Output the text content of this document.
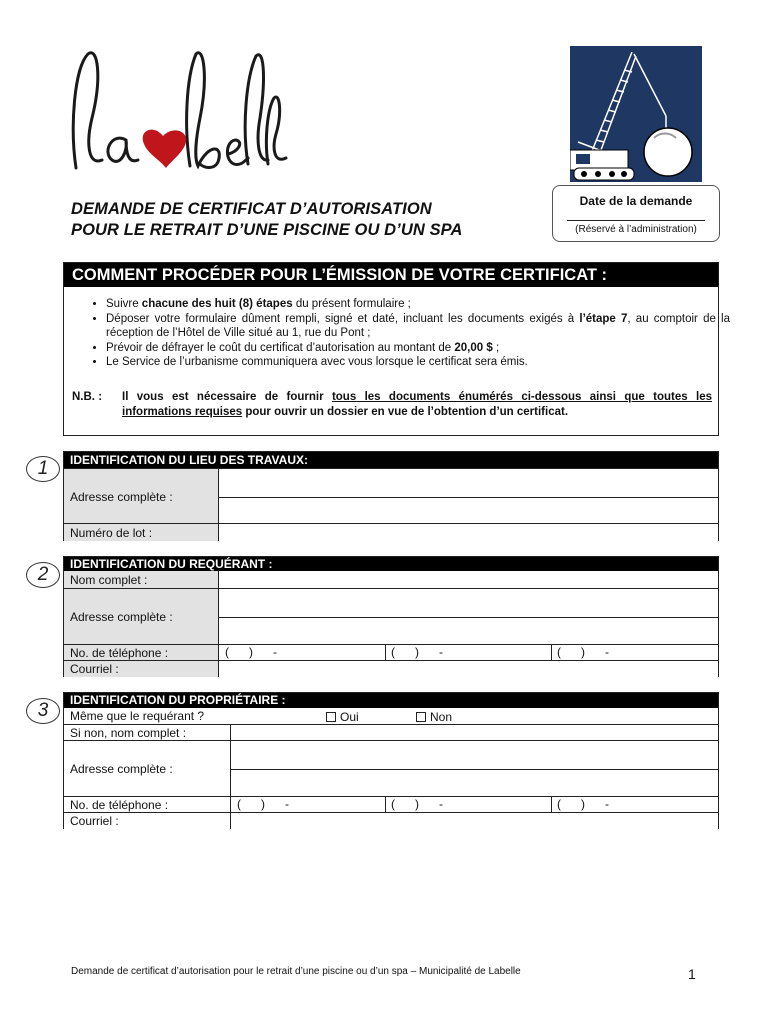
Date de la demande
(Réservé à l’administration)
DEMANDE DE CERTIFICAT D’AUTORISATION
POUR LE RETRAIT D’UNE PISCINE OU D’UN SPA
COMMENT PROCÉDER POUR L’ÉMISSION DE VOTRE CERTIFICAT :
• Suivre chacune des huit (8) étapes du présent formulaire ;
• Déposer votre formulaire dûment rempli, signé et daté, incluant les documents exigés à l’étape 7, au comptoir de la réception de l’Hôtel de Ville situé au 1, rue du Pont ;
• Prévoir de défrayer le coût du certificat d’autorisation au montant de 20,00 $ ;
• Le Service de l’urbanisme communiquera avec vous lorsque le certificat sera émis.
N.B. : Il vous est nécessaire de fournir tous les documents énumérés ci-dessous ainsi que toutes les informations requises pour ouvrir un dossier en vue de l’obtention d’un certificat.
1	IDENTIFICATION DU LIEU DES TRAVAUX:
Adresse complète :
Numéro de lot :
2	IDENTIFICATION DU REQUÉRANT :
Nom complet :
Adresse complète :
No. de téléphone :	(      )      -	(      )      -	(      )      -
Courriel :
3	IDENTIFICATION DU PROPRIÉTAIRE :
Même que le requérant ?	Oui	Non
Si non, nom complet :
Adresse complète :
No. de téléphone :	(      )      -	(      )      -	(      )      -
Courriel :
Demande de certificat d’autorisation pour le retrait d’une piscine ou d’un spa – Municipalité de Labelle	1
